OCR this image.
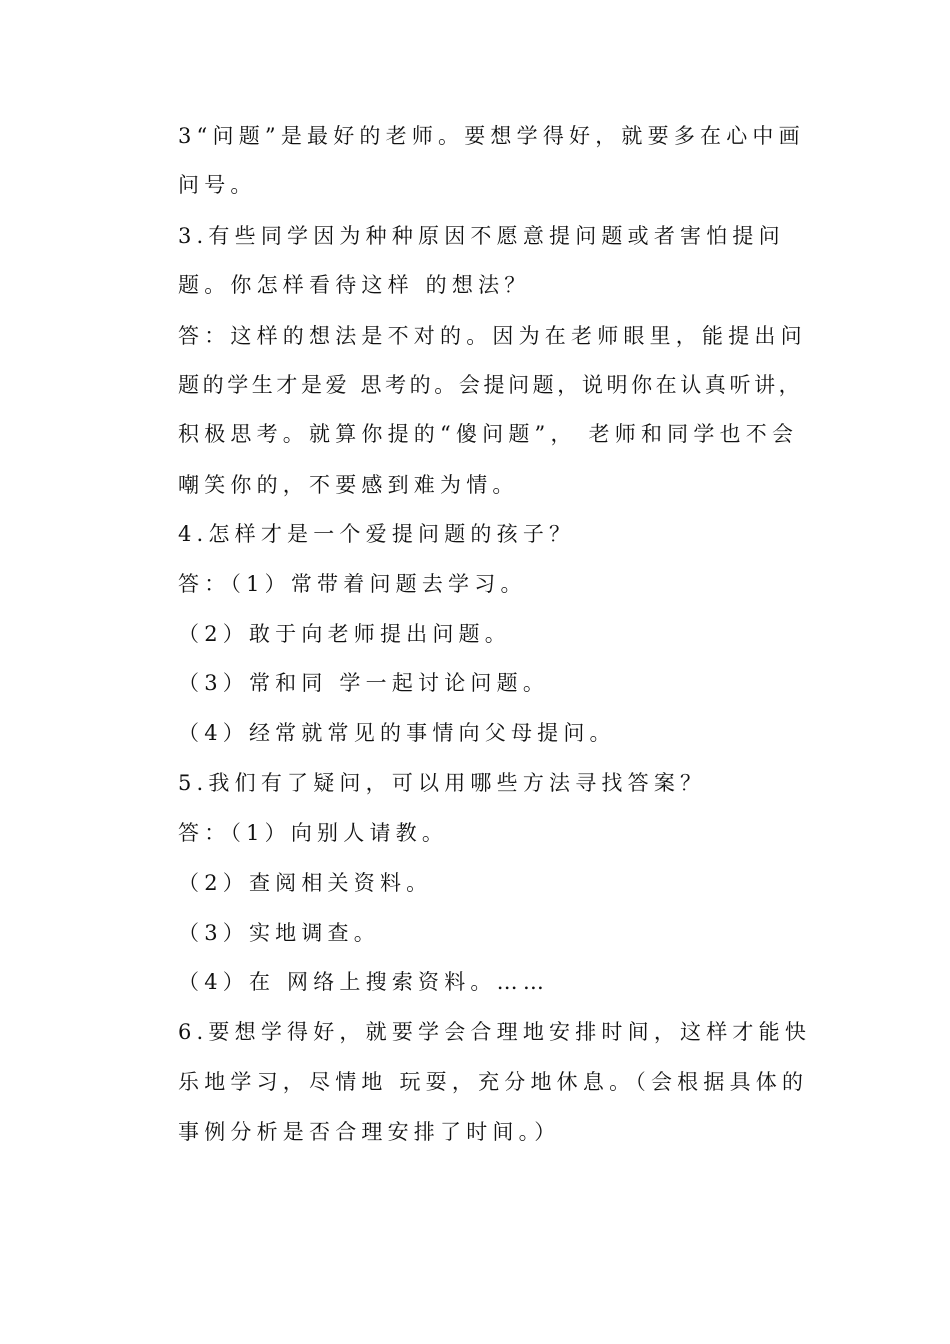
3“问题”是最好的老师。要想学得好，就要多在心中画
问号。
3.有些同学因为种种原因不愿意提问题或者害怕提问
题。你怎样看待这样 的想法？
答：这样的想法是不对的。因为在老师眼里，能提出问
题的学生才是爱 思考的。会提问题，说明你在认真听讲，
积极思考。就算你提的“傻问题”， 老师和同学也不会
嘲笑你的，不要感到难为情。
4.怎样才是一个爱提问题的孩子？
答：（1）常带着问题去学习。
（2）敢于向老师提出问题。
（3）常和同 学一起讨论问题。
（4）经常就常见的事情向父母提问。
5.我们有了疑问，可以用哪些方法寻找答案？
答：（1）向别人请教。
（2）查阅相关资料。
（3）实地调查。
（4）在 网络上搜索资料。……
6.要想学得好，就要学会合理地安排时间，这样才能快
乐地学习，尽情地 玩耍，充分地休息。（会根据具体的
事例分析是否合理安排了时间。）
